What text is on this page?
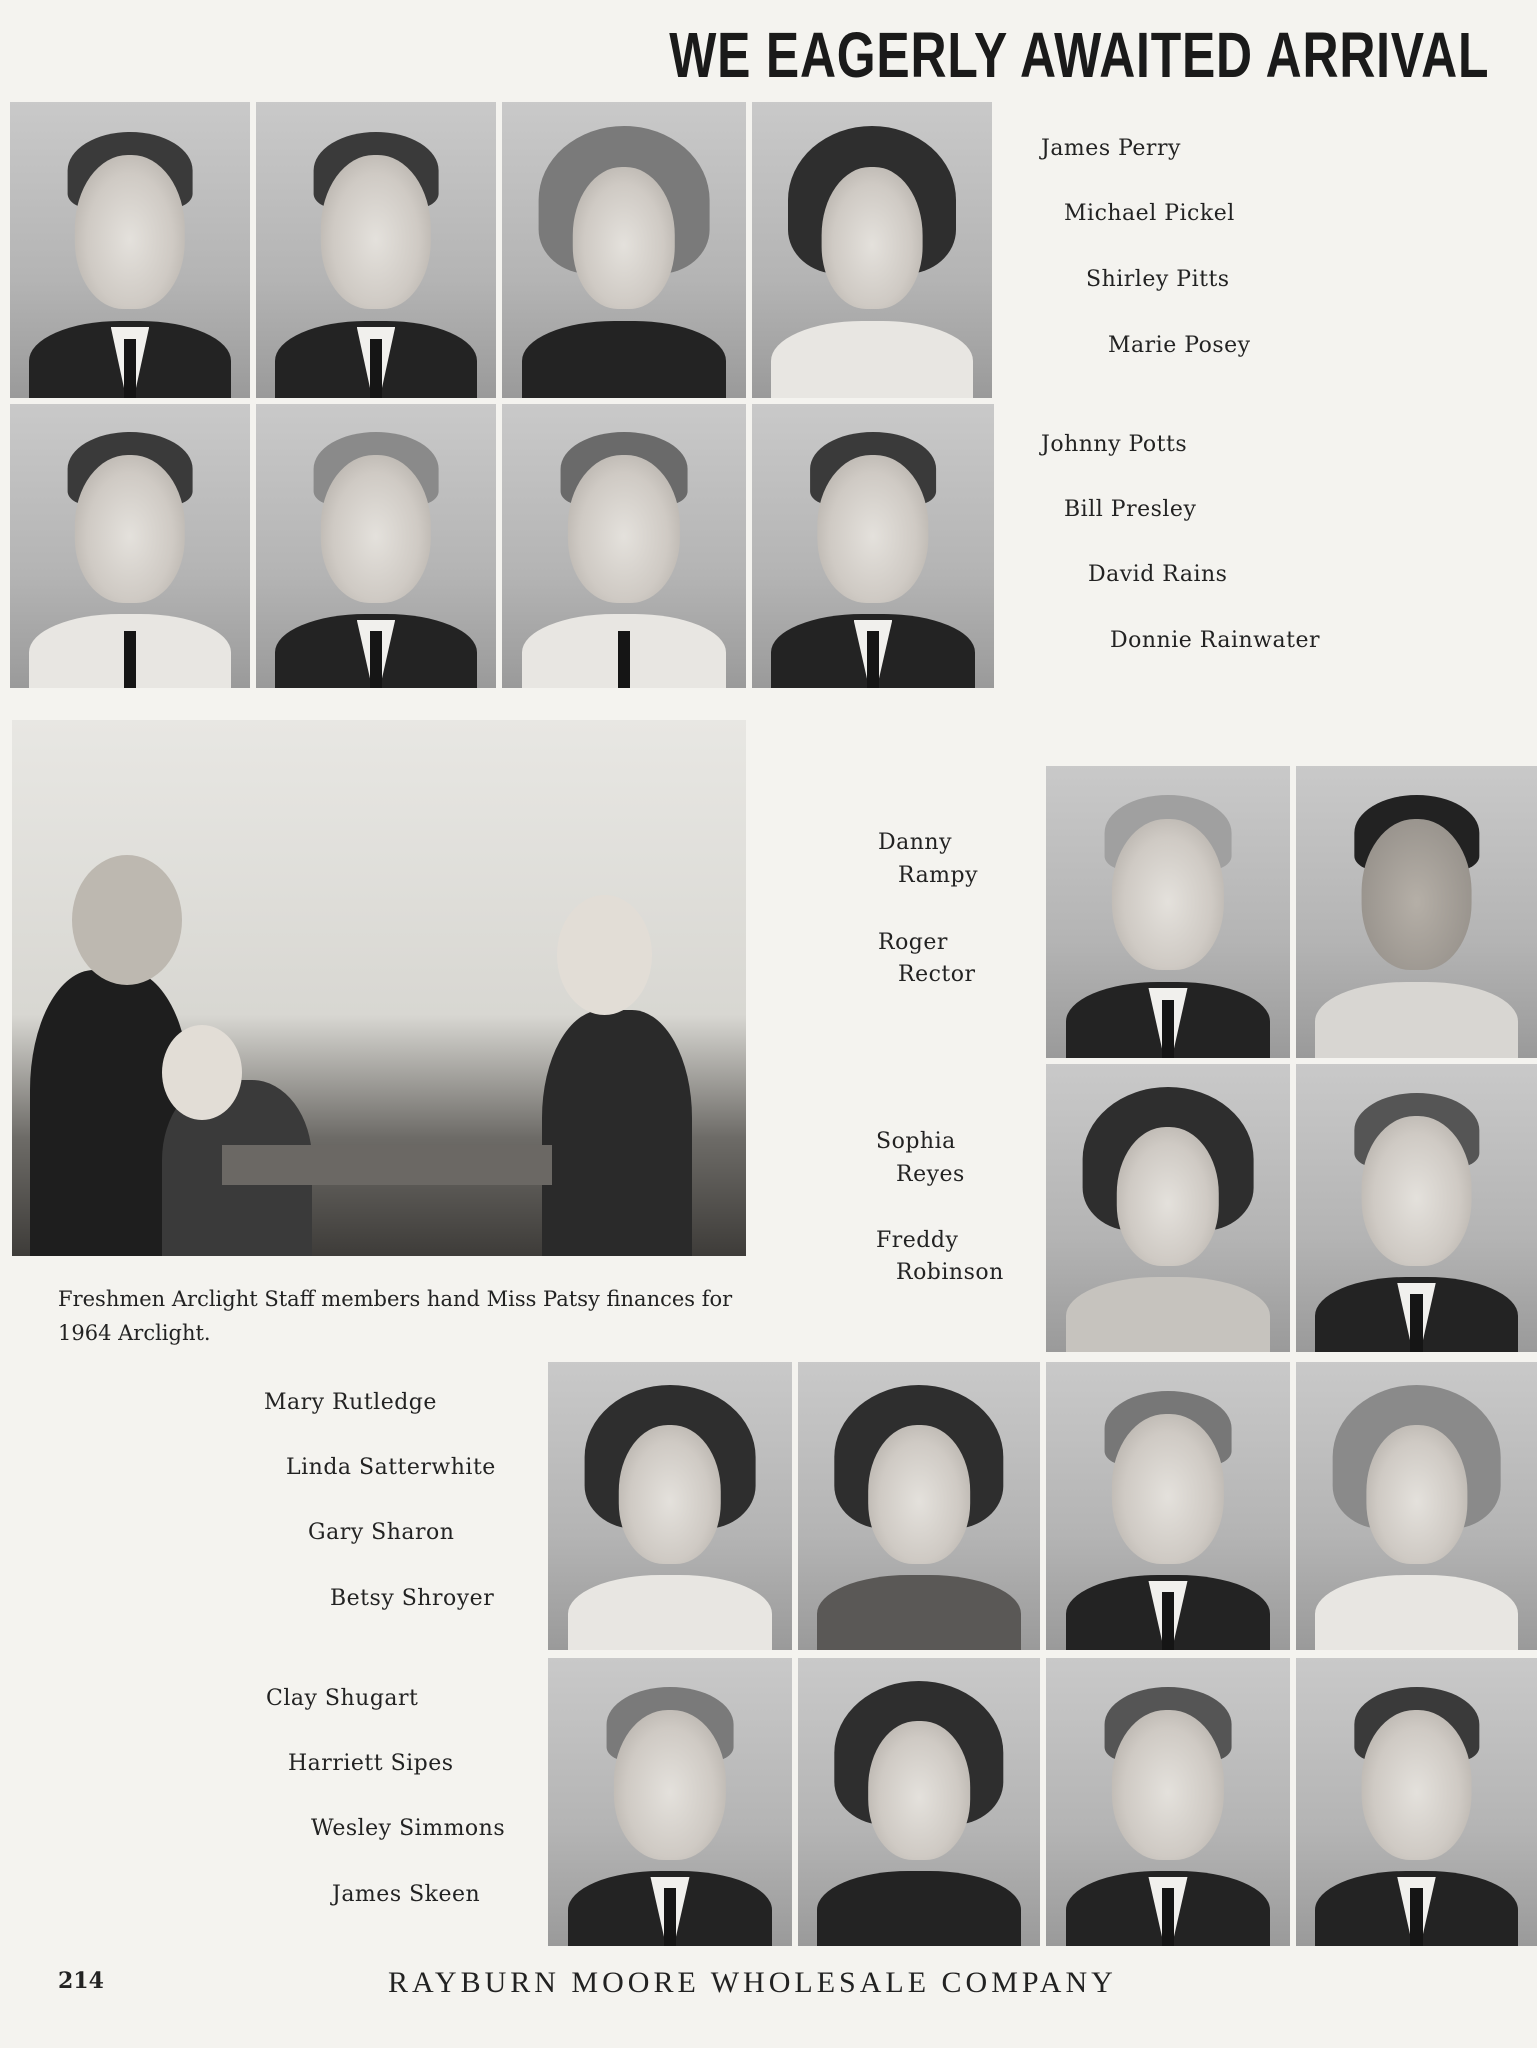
WE EAGERLY AWAITED ARRIVAL
James Perry
Michael Pickel
Shirley Pitts
Marie Posey
Johnny Potts
Bill Presley
David Rains
Donnie Rainwater
Freshmen Arclight Staff members hand Miss Patsy finances for 1964 Arclight.
Danny
Rampy
Roger
Rector
Sophia
Reyes
Freddy
Robinson
Mary Rutledge
Linda Satterwhite
Gary Sharon
Betsy Shroyer
Clay Shugart
Harriett Sipes
Wesley Simmons
James Skeen
214	RAYBURN MOORE WHOLESALE COMPANY
